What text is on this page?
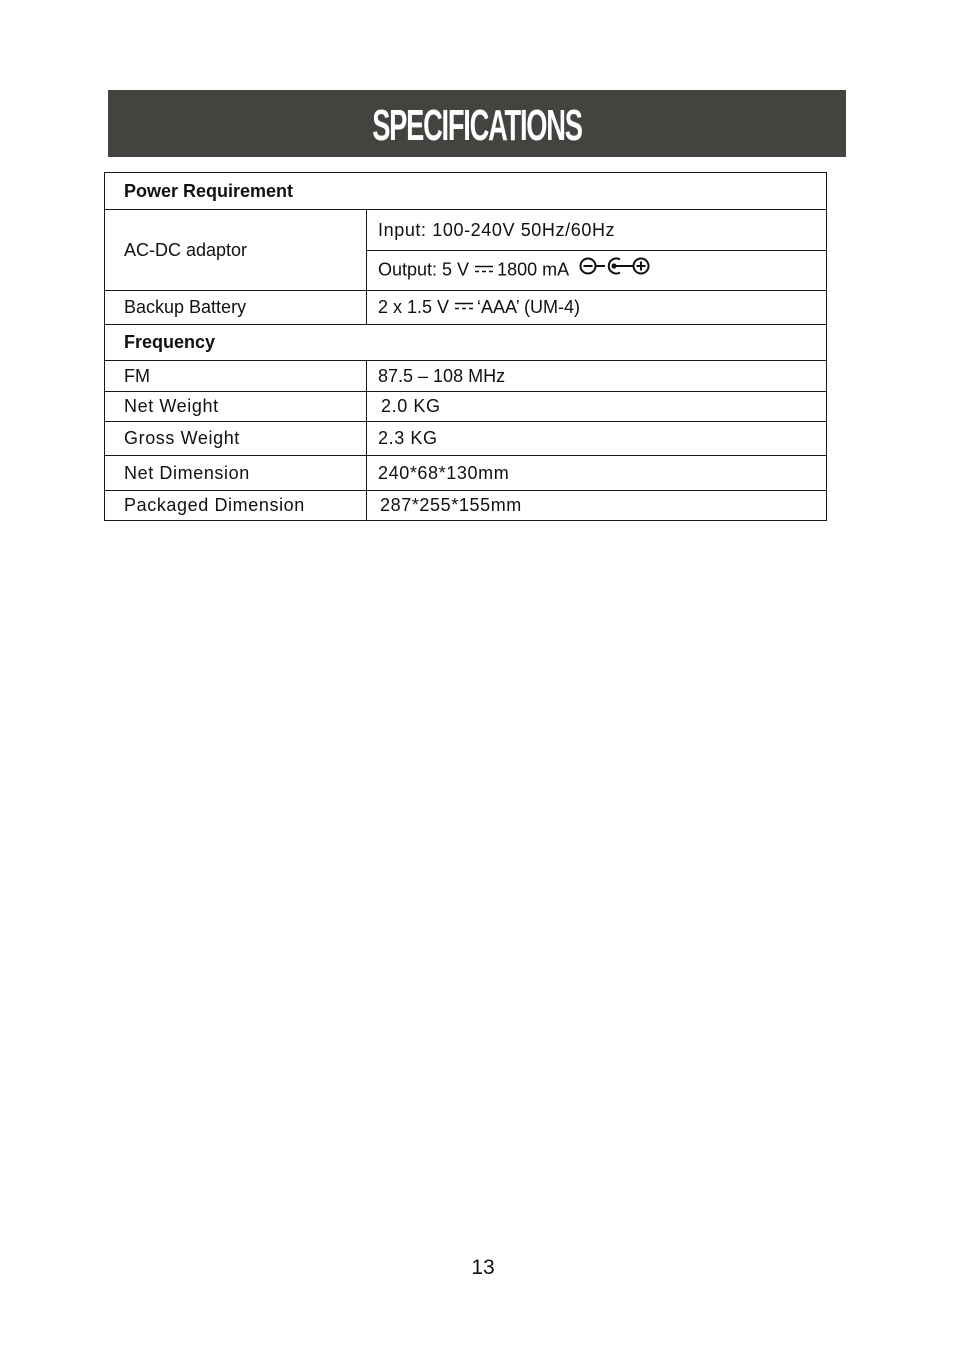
SPECIFICATIONS
Power Requirement	
AC-DC adaptor	Input: 100-240V 50Hz/60Hz
	Output: 5 V 1800 mA
Backup Battery	2 x 1.5 V ‘AAA’ (UM-4)
Frequency	
FM	87.5 – 108 MHz
Net Weight	2.0 KG
Gross Weight	2.3 KG
Net Dimension	240*68*130mm
Packaged Dimension	287*255*155mm
13
